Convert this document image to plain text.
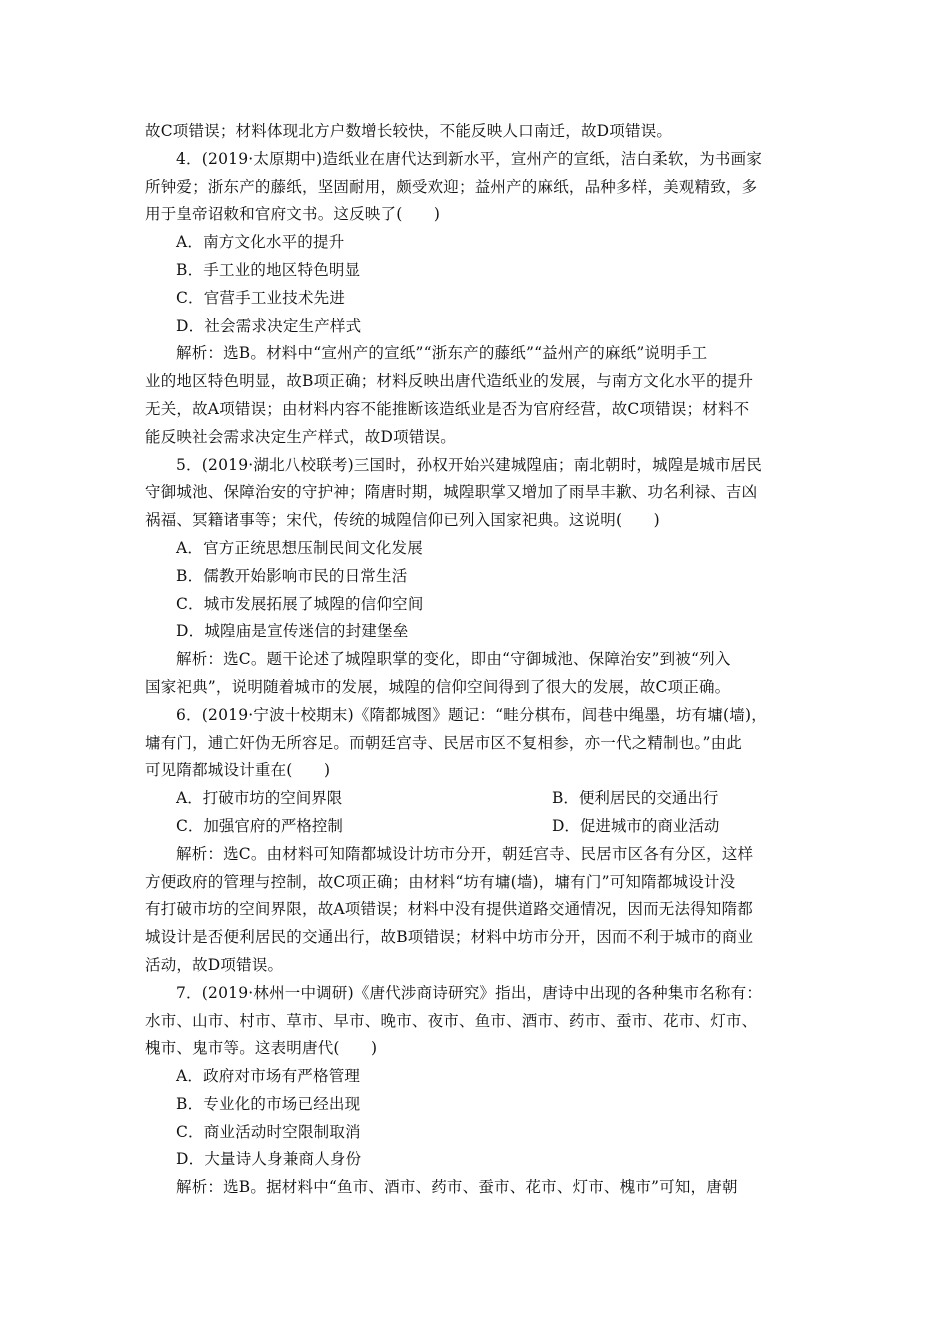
故C项错误；材料体现北方户数增长较快，不能反映人口南迁，故D项错误。
4．(2019·太原期中)造纸业在唐代达到新水平，宣州产的宣纸，洁白柔软，为书画家
所钟爱；浙东产的藤纸，坚固耐用，颇受欢迎；益州产的麻纸，品种多样，美观精致，多
用于皇帝诏敕和官府文书。这反映了(　　)
A．南方文化水平的提升
B．手工业的地区特色明显
C．官营手工业技术先进
D．社会需求决定生产样式
解析：选B。材料中“宣州产的宣纸”“浙东产的藤纸”“益州产的麻纸”说明手工
业的地区特色明显，故B项正确；材料反映出唐代造纸业的发展，与南方文化水平的提升
无关，故A项错误；由材料内容不能推断该造纸业是否为官府经营，故C项错误；材料不
能反映社会需求决定生产样式，故D项错误。
5．(2019·湖北八校联考)三国时，孙权开始兴建城隍庙；南北朝时，城隍是城市居民
守御城池、保障治安的守护神；隋唐时期，城隍职掌又增加了雨旱丰歉、功名利禄、吉凶
祸福、冥籍诸事等；宋代，传统的城隍信仰已列入国家祀典。这说明(　　)
A．官方正统思想压制民间文化发展
B．儒教开始影响市民的日常生活
C．城市发展拓展了城隍的信仰空间
D．城隍庙是宣传迷信的封建堡垒
解析：选C。题干论述了城隍职掌的变化，即由“守御城池、保障治安”到被“列入
国家祀典”，说明随着城市的发展，城隍的信仰空间得到了很大的发展，故C项正确。
6．(2019·宁波十校期末)《隋都城图》题记：“畦分棋布，闾巷中绳墨，坊有墉(墙)，
墉有门，逋亡奸伪无所容足。而朝廷宫寺、民居市区不复相参，亦一代之精制也。”由此
可见隋都城设计重在(　　)
A．打破市坊的空间界限	B．便利居民的交通出行
C．加强官府的严格控制	D．促进城市的商业活动
解析：选C。由材料可知隋都城设计坊市分开，朝廷宫寺、民居市区各有分区，这样
方便政府的管理与控制，故C项正确；由材料“坊有墉(墙)，墉有门”可知隋都城设计没
有打破市坊的空间界限，故A项错误；材料中没有提供道路交通情况，因而无法得知隋都
城设计是否便利居民的交通出行，故B项错误；材料中坊市分开，因而不利于城市的商业
活动，故D项错误。
7．(2019·林州一中调研)《唐代涉商诗研究》指出，唐诗中出现的各种集市名称有：
水市、山市、村市、草市、早市、晚市、夜市、鱼市、酒市、药市、蚕市、花市、灯市、
槐市、鬼市等。这表明唐代(　　)
A．政府对市场有严格管理
B．专业化的市场已经出现
C．商业活动时空限制取消
D．大量诗人身兼商人身份
解析：选B。据材料中“鱼市、酒市、药市、蚕市、花市、灯市、槐市”可知，唐朝
